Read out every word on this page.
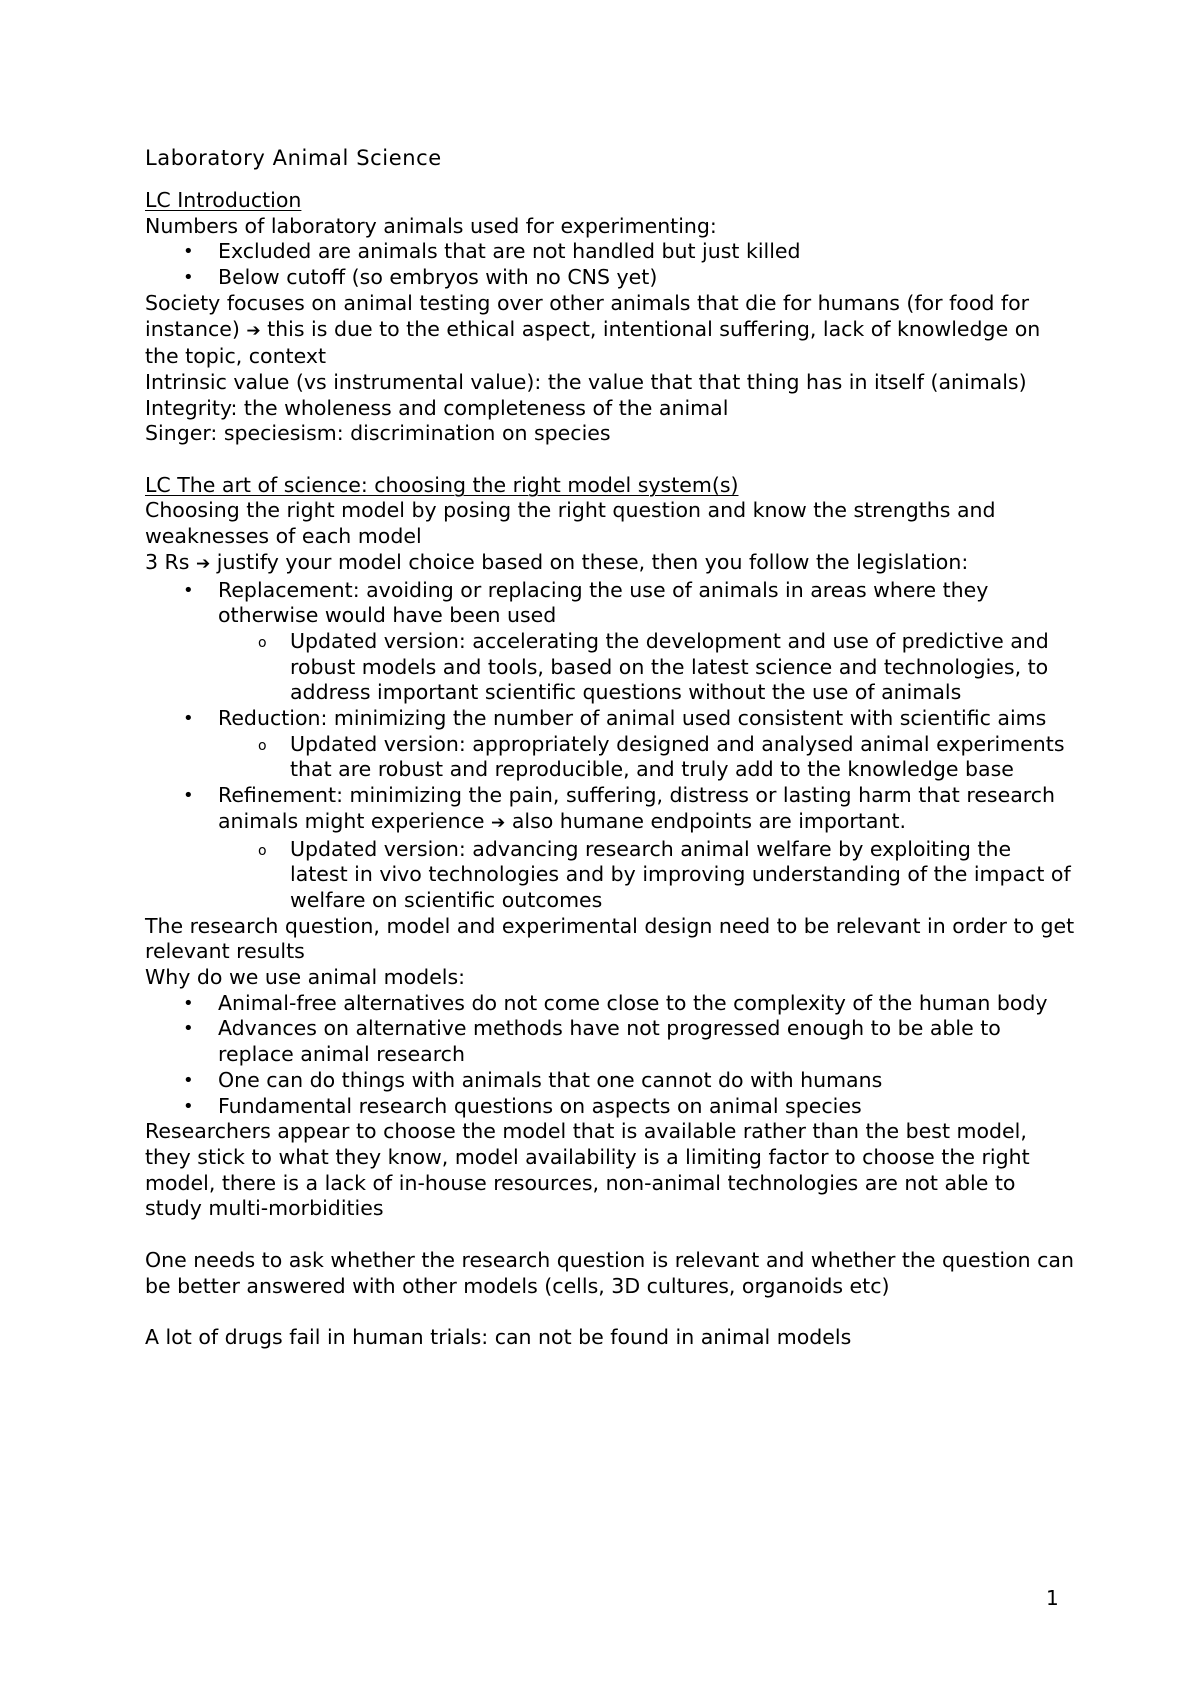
Laboratory Animal Science

LC Introduction

Numbers of laboratory animals used for experimenting:

• Excluded are animals that are not handled but just killed
• Below cutoff (so embryos with no CNS yet)

Society focuses on animal testing over other animals that die for humans (for food for instance) ➔ this is due to the ethical aspect, intentional suffering, lack of knowledge on the topic, context

Intrinsic value (vs instrumental value): the value that that thing has in itself (animals)

Integrity: the wholeness and completeness of the animal

Singer: speciesism: discrimination on species

LC The art of science: choosing the right model system(s)

Choosing the right model by posing the right question and know the strengths and weaknesses of each model

3 Rs ➔ justify your model choice based on these, then you follow the legislation:

• Replacement: avoiding or replacing the use of animals in areas where they otherwise would have been used
o Updated version: accelerating the development and use of predictive and robust models and tools, based on the latest science and technologies, to address important scientific questions without the use of animals
• Reduction: minimizing the number of animal used consistent with scientific aims
o Updated version: appropriately designed and analysed animal experiments that are robust and reproducible, and truly add to the knowledge base
• Refinement: minimizing the pain, suffering, distress or lasting harm that research animals might experience ➔ also humane endpoints are important.
o Updated version: advancing research animal welfare by exploiting the latest in vivo technologies and by improving understanding of the impact of welfare on scientific outcomes

The research question, model and experimental design need to be relevant in order to get relevant results

Why do we use animal models:

• Animal-free alternatives do not come close to the complexity of the human body
• Advances on alternative methods have not progressed enough to be able to replace animal research
• One can do things with animals that one cannot do with humans
• Fundamental research questions on aspects on animal species

Researchers appear to choose the model that is available rather than the best model, they stick to what they know, model availability is a limiting factor to choose the right model, there is a lack of in-house resources, non-animal technologies are not able to study multi-morbidities

One needs to ask whether the research question is relevant and whether the question can be better answered with other models (cells, 3D cultures, organoids etc)

A lot of drugs fail in human trials: can not be found in animal models

1
